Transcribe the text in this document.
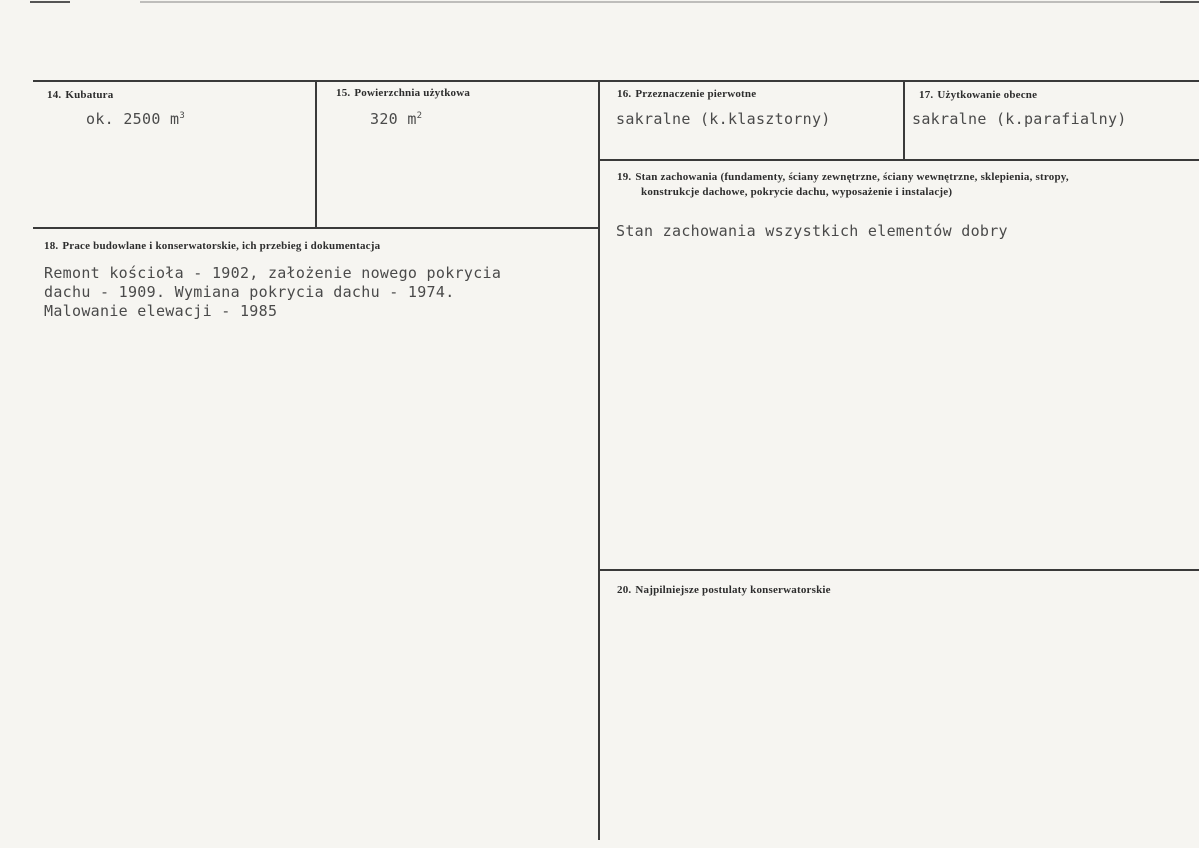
14. Kubatura
ok. 2500 $m^3$
15. Powierzchnia użytkowa
320 $m^2$
16. Przeznaczenie pierwotne
sakralne (k.klasztorny)
17. Użytkowanie obecne
sakralne (k.parafialny)
18. Prace budowlane i konserwatorskie, ich przebieg i dokumentacja
Remont kościoła - 1902, założenie nowego pokrycia
dachu - 1909. Wymiana pokrycia dachu - 1974.
Malowanie elewacji - 1985
19. Stan zachowania (fundamenty, ściany zewnętrzne, ściany wewnętrzne, sklepienia, stropy,
konstrukcje dachowe, pokrycie dachu, wyposażenie i instalacje)
Stan zachowania wszystkich elementów dobry
20. Najpilniejsze postulaty konserwatorskie
